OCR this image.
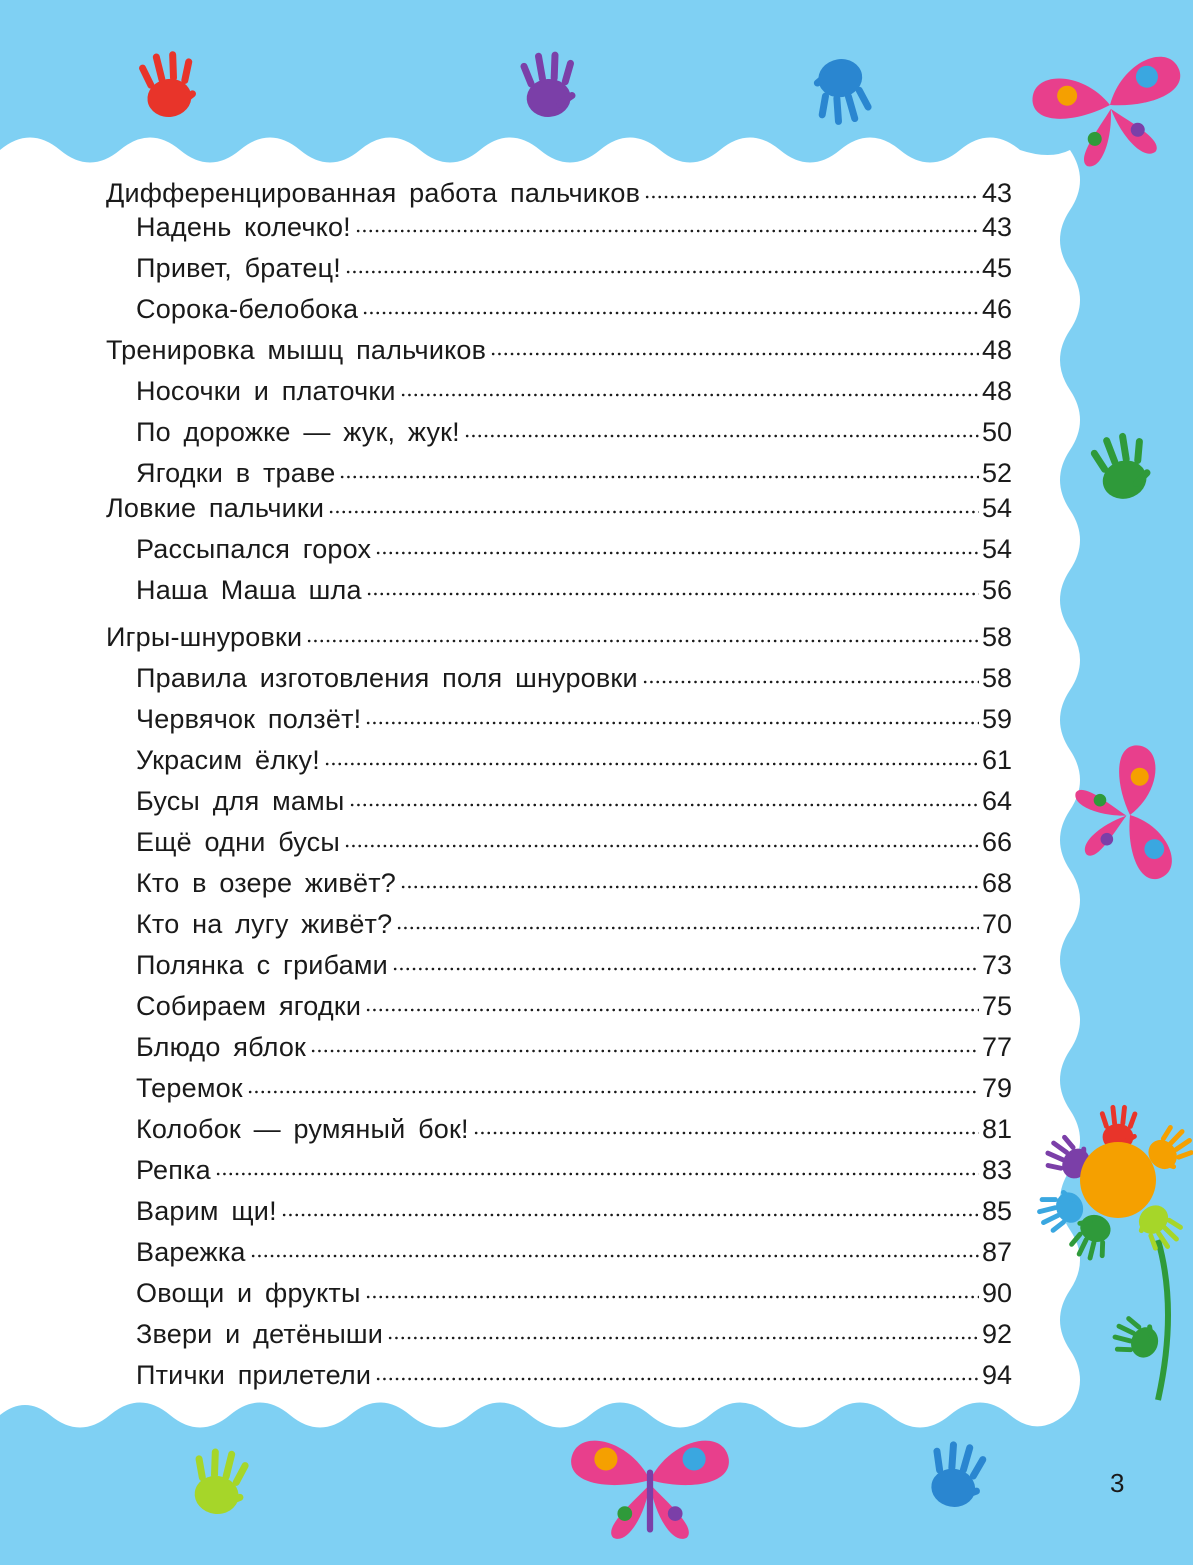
Дифференцированная работа пальчиков	43
Надень колечко!	43
Привет, братец!	45
Сорока-белобока	46
Тренировка мышц пальчиков	48
Носочки и платочки	48
По дорожке — жук, жук!	50
Ягодки в траве	52
Ловкие пальчики	54
Рассыпался горох	54
Наша Маша шла	56
Игры-шнуровки	58
Правила изготовления поля шнуровки	58
Червячок ползёт!	59
Украсим ёлку!	61
Бусы для мамы	64
Ещё одни бусы	66
Кто в озере живёт?	68
Кто на лугу живёт?	70
Полянка с грибами	73
Собираем ягодки	75
Блюдо яблок	77
Теремок	79
Колобок — румяный бок!	81
Репка	83
Варим щи!	85
Варежка	87
Овощи и фрукты	90
Звери и детёныши	92
Птички прилетели	94
3
